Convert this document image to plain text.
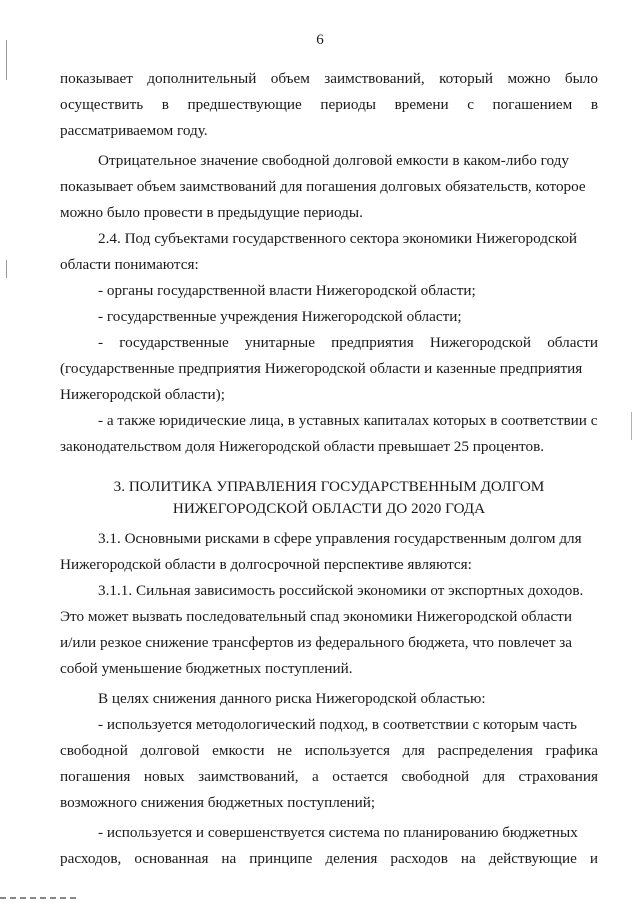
6
показывает дополнительный объем заимствований, который можно было
осуществить в предшествующие периоды времени с погашением в
рассматриваемом году.
Отрицательное значение свободной долговой емкости в каком-либо году
показывает объем заимствований для погашения долговых обязательств, которое
можно было провести в предыдущие периоды.
2.4. Под субъектами государственного сектора экономики Нижегородской
области понимаются:
- органы государственной власти Нижегородской области;
- государственные учреждения Нижегородской области;
- государственные унитарные предприятия Нижегородской области
(государственные предприятия Нижегородской области и казенные предприятия
Нижегородской области);
- а также юридические лица, в уставных капиталах которых в соответствии с
законодательством доля Нижегородской области превышает 25 процентов.
3. ПОЛИТИКА УПРАВЛЕНИЯ ГОСУДАРСТВЕННЫМ ДОЛГОМ
НИЖЕГОРОДСКОЙ ОБЛАСТИ ДО 2020 ГОДА
3.1. Основными рисками в сфере управления государственным долгом для
Нижегородской области в долгосрочной перспективе являются:
3.1.1. Сильная зависимость российской экономики от экспортных доходов.
Это может вызвать последовательный спад экономики Нижегородской области
и/или резкое снижение трансфертов из федерального бюджета, что повлечет за
собой уменьшение бюджетных поступлений.
В целях снижения данного риска Нижегородской областью:
- используется методологический подход, в соответствии с которым часть
свободной долговой емкости не используется для распределения графика
погашения новых заимствований, а остается свободной для страхования
возможного снижения бюджетных поступлений;
- используется и совершенствуется система по планированию бюджетных
расходов, основанная на принципе деления расходов на действующие и
